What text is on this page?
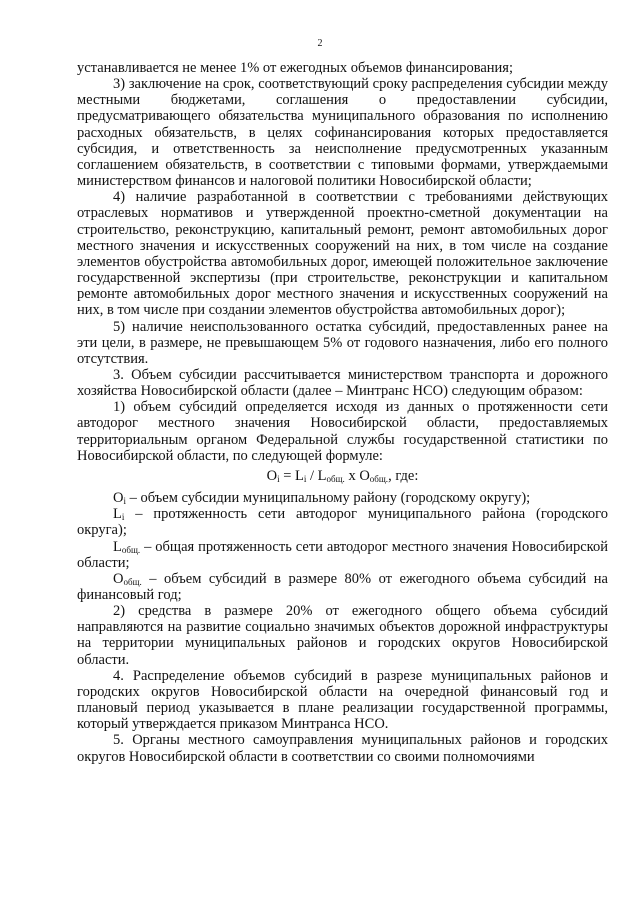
2

устанавливается не менее 1% от ежегодных объемов финансирования;

3) заключение на срок, соответствующий сроку распределения субсидии между местными бюджетами, соглашения о предоставлении субсидии, предусматривающего обязательства муниципального образования по исполнению расходных обязательств, в целях софинансирования которых предоставляется субсидия, и ответственность за неисполнение предусмотренных указанным соглашением обязательств, в соответствии с типовыми формами, утверждаемыми министерством финансов и налоговой политики Новосибирской области;

4) наличие разработанной в соответствии с требованиями действующих отраслевых нормативов и утвержденной проектно-сметной документации на строительство, реконструкцию, капитальный ремонт, ремонт автомобильных дорог местного значения и искусственных сооружений на них, в том числе на создание элементов обустройства автомобильных дорог, имеющей положительное заключение государственной экспертизы (при строительстве, реконструкции и капитальном ремонте автомобильных дорог местного значения и искусственных сооружений на них, в том числе при создании элементов обустройства автомобильных дорог);

5) наличие неиспользованного остатка субсидий, предоставленных ранее на эти цели, в размере, не превышающем 5% от годового назначения, либо его полного отсутствия.

3. Объем субсидии рассчитывается министерством транспорта и дорожного хозяйства Новосибирской области (далее – Минтранс НСО) следующим образом:

1) объем субсидий определяется исходя из данных о протяженности сети автодорог местного значения Новосибирской области, предоставляемых территориальным органом Федеральной службы государственной статистики по Новосибирской области, по следующей формуле:

$O_i = L_i / L_{общ.}$ x $O_{общ.}$, где:

$O_i$ – объем субсидии муниципальному району (городскому округу);

$L_i$ – протяженность сети автодорог муниципального района (городского округа);

$L_{общ.}$ – общая протяженность сети автодорог местного значения Новосибирской области;

$O_{общ.}$ – объем субсидий в размере 80% от ежегодного объема субсидий на финансовый год;

2) средства в размере 20% от ежегодного общего объема субсидий направляются на развитие социально значимых объектов дорожной инфраструктуры на территории муниципальных районов и городских округов Новосибирской области.

4. Распределение объемов субсидий в разрезе муниципальных районов и городских округов Новосибирской области на очередной финансовый год и плановый период указывается в плане реализации государственной программы, который утверждается приказом Минтранса НСО.

5. Органы местного самоуправления муниципальных районов и городских округов Новосибирской области в соответствии со своими полномочиями
